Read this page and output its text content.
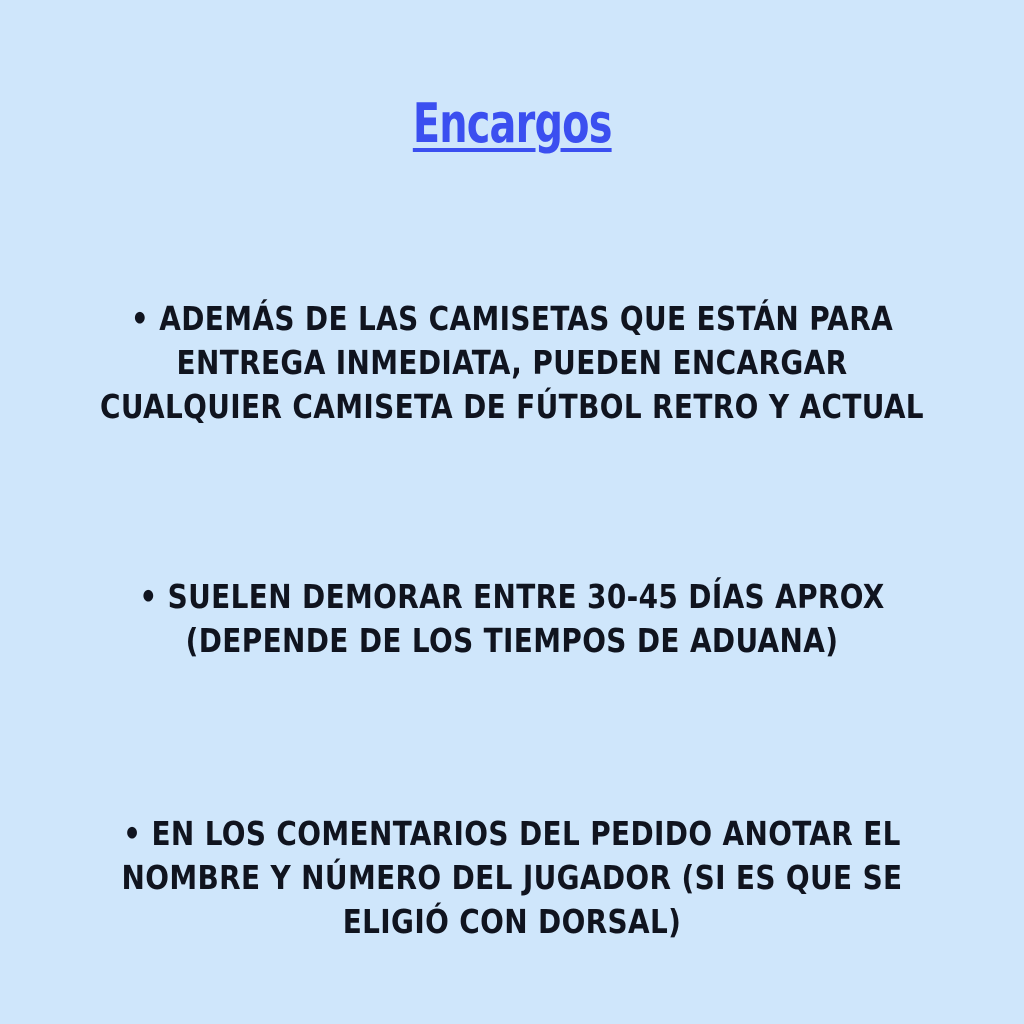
Encargos

• ADEMÁS DE LAS CAMISETAS QUE ESTÁN PARA ENTREGA INMEDIATA, PUEDEN ENCARGAR CUALQUIER CAMISETA DE FÚTBOL RETRO Y ACTUAL

• SUELEN DEMORAR ENTRE 30-45 DÍAS APROX (DEPENDE DE LOS TIEMPOS DE ADUANA)

• EN LOS COMENTARIOS DEL PEDIDO ANOTAR EL NOMBRE Y NÚMERO DEL JUGADOR (SI ES QUE SE ELIGIÓ CON DORSAL)
